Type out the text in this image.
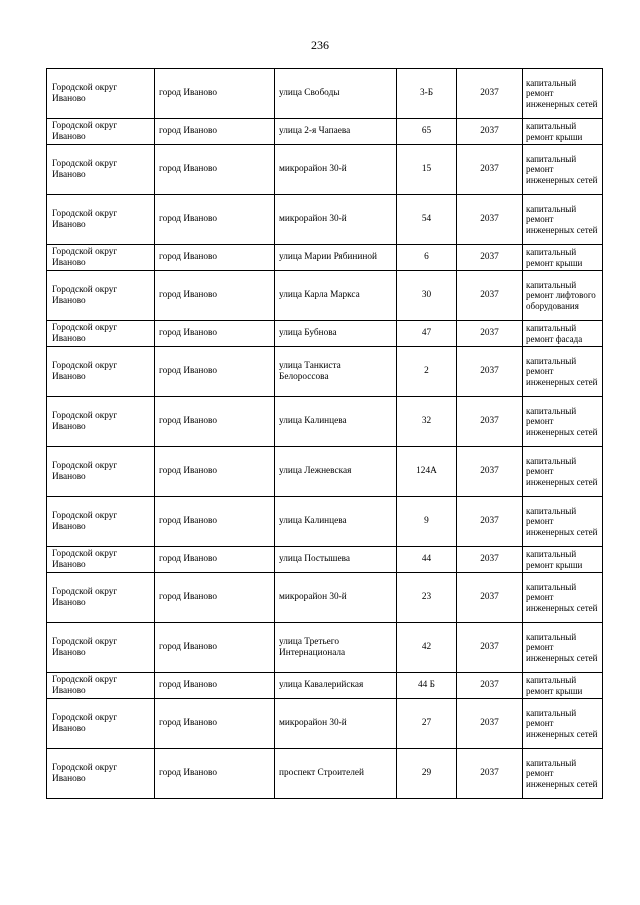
236
Городской округ Иваново	город Иваново	улица Свободы	3-Б	2037	капитальный ремонт инженерных сетей
Городской округ Иваново	город Иваново	улица 2-я Чапаева	65	2037	капитальный ремонт крыши
Городской округ Иваново	город Иваново	микрорайон 30-й	15	2037	капитальный ремонт инженерных сетей
Городской округ Иваново	город Иваново	микрорайон 30-й	54	2037	капитальный ремонт инженерных сетей
Городской округ Иваново	город Иваново	улица Марии Рябининой	6	2037	капитальный ремонт крыши
Городской округ Иваново	город Иваново	улица Карла Маркса	30	2037	капитальный ремонт лифтового оборудования
Городской округ Иваново	город Иваново	улица Бубнова	47	2037	капитальный ремонт фасада
Городской округ Иваново	город Иваново	улица Танкиста Белороссова	2	2037	капитальный ремонт инженерных сетей
Городской округ Иваново	город Иваново	улица Калинцева	32	2037	капитальный ремонт инженерных сетей
Городской округ Иваново	город Иваново	улица Лежневская	124А	2037	капитальный ремонт инженерных сетей
Городской округ Иваново	город Иваново	улица Калинцева	9	2037	капитальный ремонт инженерных сетей
Городской округ Иваново	город Иваново	улица Постышева	44	2037	капитальный ремонт крыши
Городской округ Иваново	город Иваново	микрорайон 30-й	23	2037	капитальный ремонт инженерных сетей
Городской округ Иваново	город Иваново	улица Третьего Интернационала	42	2037	капитальный ремонт инженерных сетей
Городской округ Иваново	город Иваново	улица Кавалерийская	44 Б	2037	капитальный ремонт крыши
Городской округ Иваново	город Иваново	микрорайон 30-й	27	2037	капитальный ремонт инженерных сетей
Городской округ Иваново	город Иваново	проспект Строителей	29	2037	капитальный ремонт инженерных сетей
